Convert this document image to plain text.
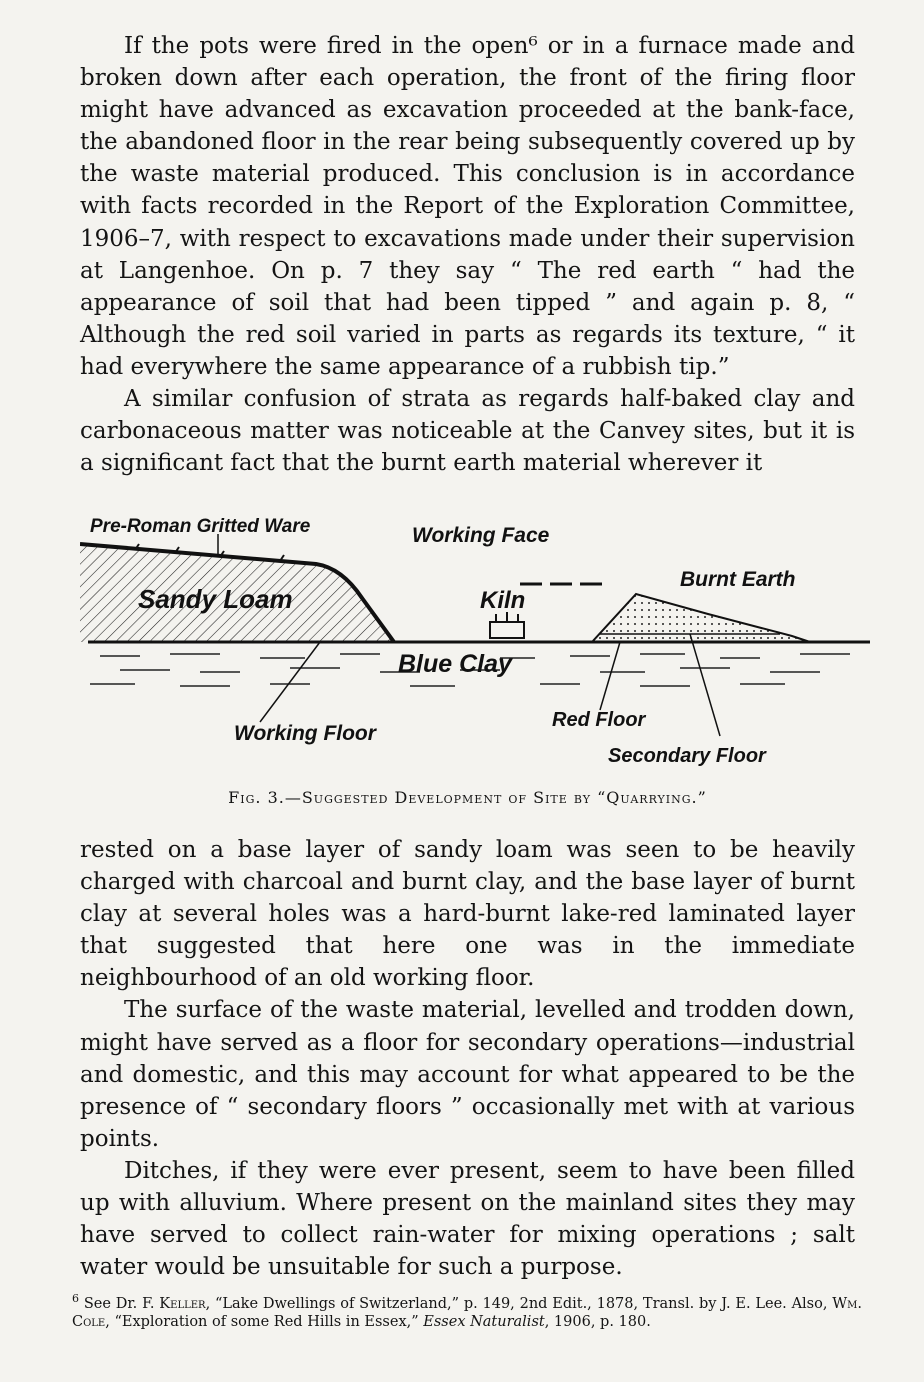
If the pots were fired in the open⁶ or in a furnace made and broken down after each operation, the front of the firing floor might have advanced as excavation proceeded at the bank-face, the abandoned floor in the rear being subsequently covered up by the waste material produced. This conclusion is in accordance with facts recorded in the Report of the Exploration Committee, 1906–7, with respect to excavations made under their supervision at Langenhoe. On p. 7 they say “ The red earth “ had the appearance of soil that had been tipped ” and again p. 8, “ Although the red soil varied in parts as regards its texture, “ it had everywhere the same appearance of a rubbish tip.”

A similar confusion of strata as regards half-baked clay and carbonaceous matter was noticeable at the Canvey sites, but it is a significant fact that the burnt earth material wherever it

Pre-Roman Gritted Ware	Working Face
Burnt Earth
Sandy Loam	Kiln
Blue Clay
Red Floor
Working Floor
Secondary Floor
Fig. 3.—Suggested Development of Site by “Quarrying.”

rested on a base layer of sandy loam was seen to be heavily charged with charcoal and burnt clay, and the base layer of burnt clay at several holes was a hard-burnt lake-red laminated layer that suggested that here one was in the immediate neighbourhood of an old working floor.

The surface of the waste material, levelled and trodden down, might have served as a floor for secondary operations—industrial and domestic, and this may account for what appeared to be the presence of “ secondary floors ” occasionally met with at various points.

Ditches, if they were ever present, seem to have been filled up with alluvium. Where present on the mainland sites they may have served to collect rain-water for mixing operations ; salt water would be unsuitable for such a purpose.

$^6$ See Dr. F. Keller, “Lake Dwellings of Switzerland,” p. 149, 2nd Edit., 1878, Transl. by J. E. Lee. Also, Wm. Cole, “Exploration of some Red Hills in Essex,” Essex Naturalist, 1906, p. 180.
